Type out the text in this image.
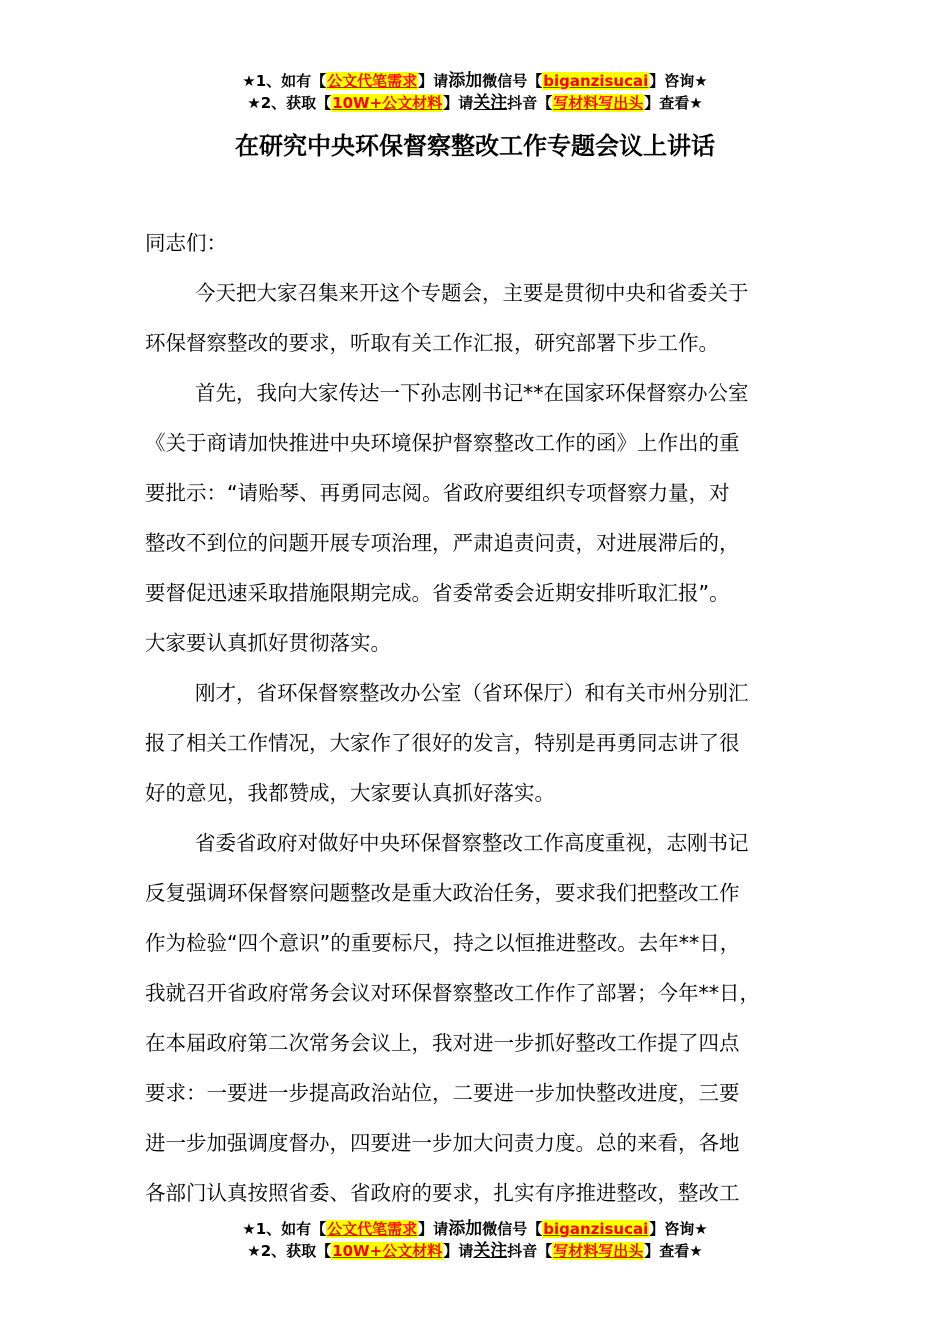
★1、如有【公文代笔需求】请添加微信号【biganzisucai】咨询★
★2、获取【10W+公文材料】请关注抖音【写材料写出头】查看★
在研究中央环保督察整改工作专题会议上讲话

同志们：

今天把大家召集来开这个专题会，主要是贯彻中央和省委关于

环保督察整改的要求，听取有关工作汇报，研究部署下步工作。

首先，我向大家传达一下孙志刚书记**在国家环保督察办公室

《关于商请加快推进中央环境保护督察整改工作的函》上作出的重

要批示：“请贻琴、再勇同志阅。省政府要组织专项督察力量，对

整改不到位的问题开展专项治理，严肃追责问责，对进展滞后的，

要督促迅速采取措施限期完成。省委常委会近期安排听取汇报”。

大家要认真抓好贯彻落实。

刚才，省环保督察整改办公室（省环保厅）和有关市州分别汇

报了相关工作情况，大家作了很好的发言，特别是再勇同志讲了很

好的意见，我都赞成，大家要认真抓好落实。

省委省政府对做好中央环保督察整改工作高度重视，志刚书记

反复强调环保督察问题整改是重大政治任务，要求我们把整改工作

作为检验“四个意识”的重要标尺，持之以恒推进整改。去年**日，

我就召开省政府常务会议对环保督察整改工作作了部署；今年**日，

在本届政府第二次常务会议上，我对进一步抓好整改工作提了四点

要求：一要进一步提高政治站位，二要进一步加快整改进度，三要

进一步加强调度督办，四要进一步加大问责力度。总的来看，各地

各部门认真按照省委、省政府的要求，扎实有序推进整改，整改工

★1、如有【公文代笔需求】请添加微信号【biganzisucai】咨询★
★2、获取【10W+公文材料】请关注抖音【写材料写出头】查看★
